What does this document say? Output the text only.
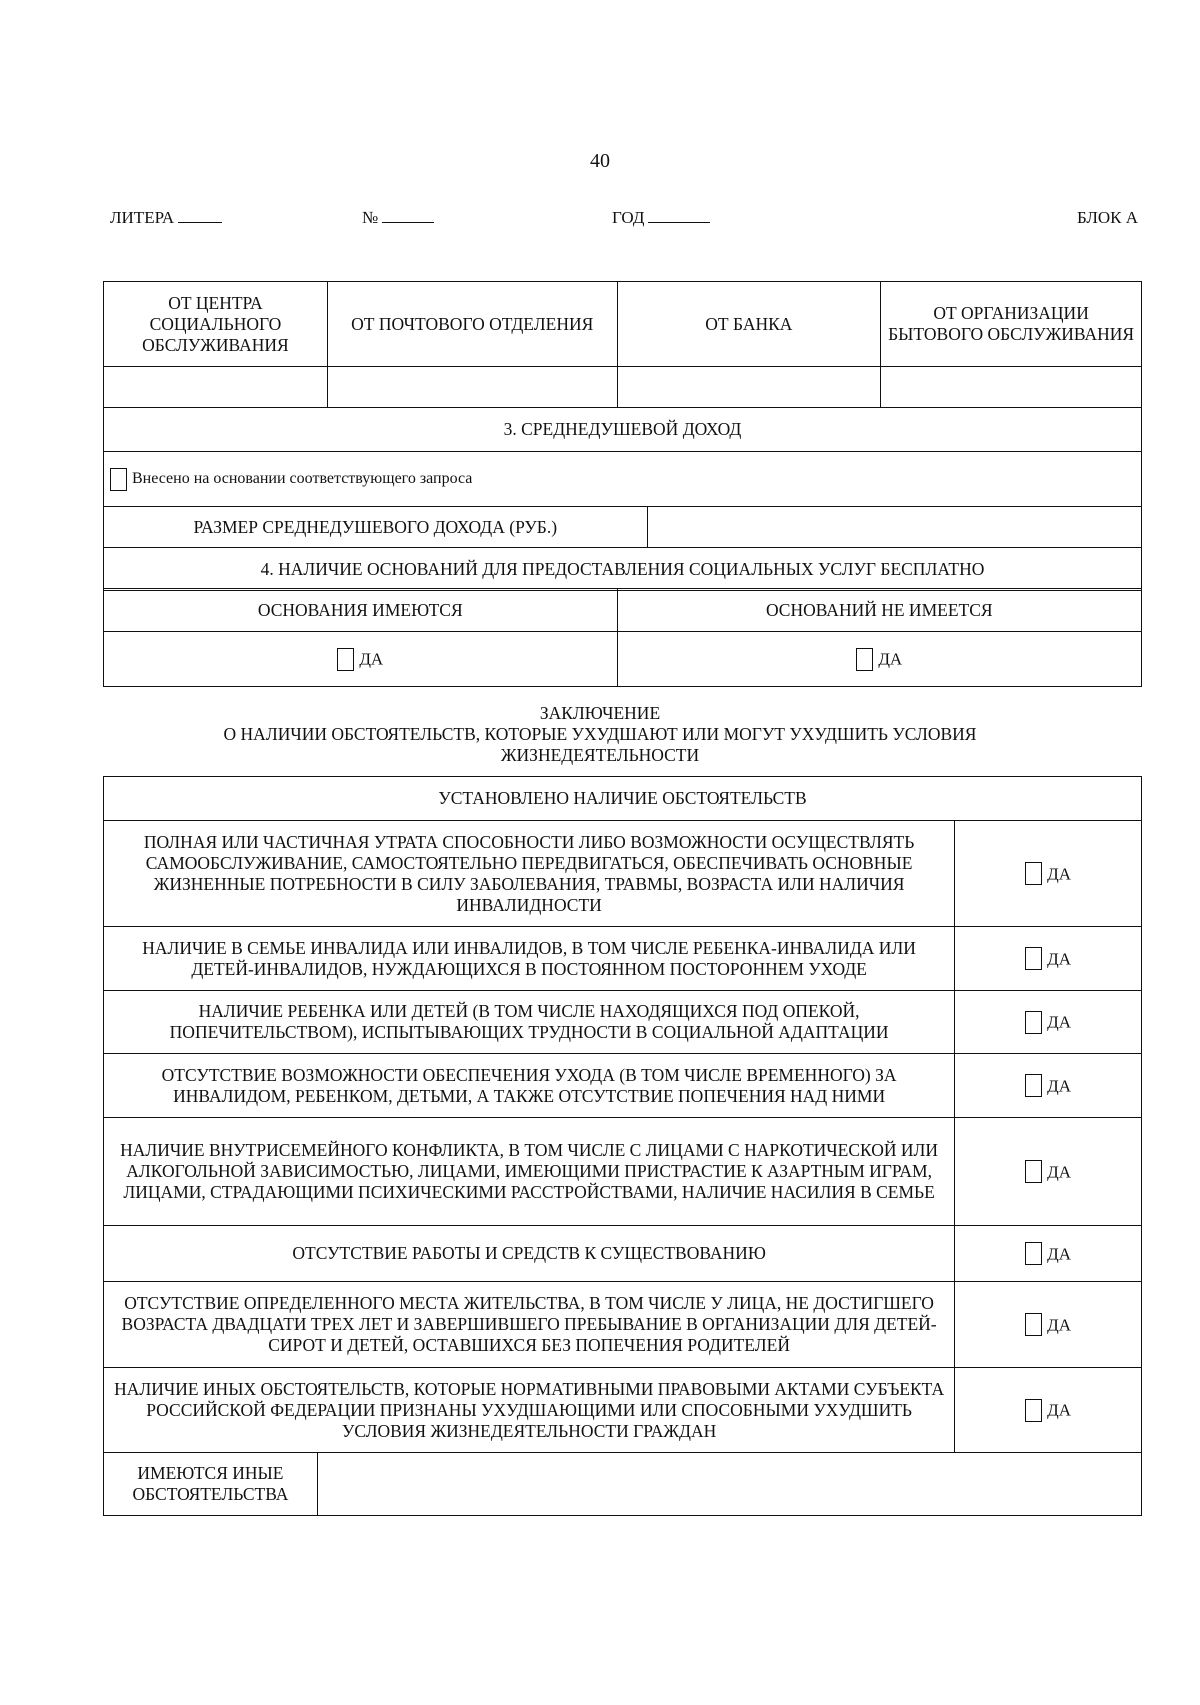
40
ЛИТЕРА	№	ГОД	БЛОК А
ОТ ЦЕНТРА СОЦИАЛЬНОГО ОБСЛУЖИВАНИЯ	ОТ ПОЧТОВОГО ОТДЕЛЕНИЯ	ОТ БАНКА	ОТ ОРГАНИЗАЦИИ БЫТОВОГО ОБСЛУЖИВАНИЯ

3. СРЕДНЕДУШЕВОЙ ДОХОД			
Внесено на основании соответствующего запроса			
РАЗМЕР СРЕДНЕДУШЕВОГО ДОХОДА (РУБ.)	
4. НАЛИЧИЕ ОСНОВАНИЙ ДЛЯ ПРЕДОСТАВЛЕНИЯ СОЦИАЛЬНЫХ УСЛУГ БЕСПЛАТНО
ОСНОВАНИЯ ИМЕЮТСЯ	ОСНОВАНИЙ НЕ ИМЕЕТСЯ
ДА	ДА
ЗАКЛЮЧЕНИЕ
О НАЛИЧИИ ОБСТОЯТЕЛЬСТВ, КОТОРЫЕ УХУДШАЮТ ИЛИ МОГУТ УХУДШИТЬ УСЛОВИЯ
ЖИЗНЕДЕЯТЕЛЬНОСТИ
УСТАНОВЛЕНО НАЛИЧИЕ ОБСТОЯТЕЛЬСТВ	
ПОЛНАЯ ИЛИ ЧАСТИЧНАЯ УТРАТА СПОСОБНОСТИ ЛИБО ВОЗМОЖНОСТИ ОСУЩЕСТВЛЯТЬ САМООБСЛУЖИВАНИЕ, САМОСТОЯТЕЛЬНО ПЕРЕДВИГАТЬСЯ, ОБЕСПЕЧИВАТЬ ОСНОВНЫЕ ЖИЗНЕННЫЕ ПОТРЕБНОСТИ В СИЛУ ЗАБОЛЕВАНИЯ, ТРАВМЫ, ВОЗРАСТА ИЛИ НАЛИЧИЯ ИНВАЛИДНОСТИ	ДА
НАЛИЧИЕ В СЕМЬЕ ИНВАЛИДА ИЛИ ИНВАЛИДОВ, В ТОМ ЧИСЛЕ РЕБЕНКА-ИНВАЛИДА ИЛИ ДЕТЕЙ-ИНВАЛИДОВ, НУЖДАЮЩИХСЯ В ПОСТОЯННОМ ПОСТОРОННЕМ УХОДЕ	ДА
НАЛИЧИЕ РЕБЕНКА ИЛИ ДЕТЕЙ (В ТОМ ЧИСЛЕ НАХОДЯЩИХСЯ ПОД ОПЕКОЙ, ПОПЕЧИТЕЛЬСТВОМ), ИСПЫТЫВАЮЩИХ ТРУДНОСТИ В СОЦИАЛЬНОЙ АДАПТАЦИИ	ДА
ОТСУТСТВИЕ ВОЗМОЖНОСТИ ОБЕСПЕЧЕНИЯ УХОДА (В ТОМ ЧИСЛЕ ВРЕМЕННОГО) ЗА ИНВАЛИДОМ, РЕБЕНКОМ, ДЕТЬМИ, А ТАКЖЕ ОТСУТСТВИЕ ПОПЕЧЕНИЯ НАД НИМИ	ДА
НАЛИЧИЕ ВНУТРИСЕМЕЙНОГО КОНФЛИКТА, В ТОМ ЧИСЛЕ С ЛИЦАМИ С НАРКОТИЧЕСКОЙ ИЛИ АЛКОГОЛЬНОЙ ЗАВИСИМОСТЬЮ, ЛИЦАМИ, ИМЕЮЩИМИ ПРИСТРАСТИЕ К АЗАРТНЫМ ИГРАМ, ЛИЦАМИ, СТРАДАЮЩИМИ ПСИХИЧЕСКИМИ РАССТРОЙСТВАМИ, НАЛИЧИЕ НАСИЛИЯ В СЕМЬЕ	ДА
ОТСУТСТВИЕ РАБОТЫ И СРЕДСТВ К СУЩЕСТВОВАНИЮ	ДА
ОТСУТСТВИЕ ОПРЕДЕЛЕННОГО МЕСТА ЖИТЕЛЬСТВА, В ТОМ ЧИСЛЕ У ЛИЦА, НЕ ДОСТИГШЕГО ВОЗРАСТА ДВАДЦАТИ ТРЕХ ЛЕТ И ЗАВЕРШИВШЕГО ПРЕБЫВАНИЕ В ОРГАНИЗАЦИИ ДЛЯ ДЕТЕЙ-СИРОТ И ДЕТЕЙ, ОСТАВШИХСЯ БЕЗ ПОПЕЧЕНИЯ РОДИТЕЛЕЙ	ДА
НАЛИЧИЕ ИНЫХ ОБСТОЯТЕЛЬСТВ, КОТОРЫЕ НОРМАТИВНЫМИ ПРАВОВЫМИ АКТАМИ СУБЪЕКТА РОССИЙСКОЙ ФЕДЕРАЦИИ ПРИЗНАНЫ УХУДШАЮЩИМИ ИЛИ СПОСОБНЫМИ УХУДШИТЬ УСЛОВИЯ ЖИЗНЕДЕЯТЕЛЬНОСТИ ГРАЖДАН	ДА
ИМЕЮТСЯ ИНЫЕ ОБСТОЯТЕЛЬСТВА	
